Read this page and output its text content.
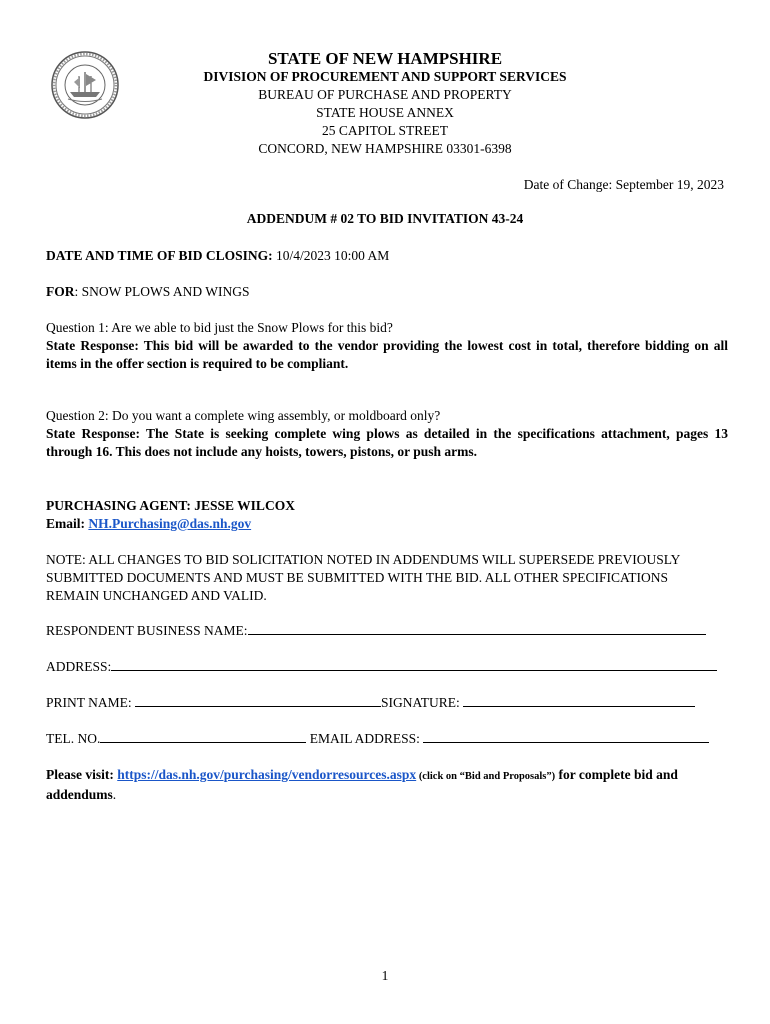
STATE OF NEW HAMPSHIRE
DIVISION OF PROCUREMENT AND SUPPORT SERVICES
BUREAU OF PURCHASE AND PROPERTY
STATE HOUSE ANNEX
25 CAPITOL STREET
CONCORD, NEW HAMPSHIRE 03301-6398
Date of Change: September 19, 2023
ADDENDUM # 02 TO BID INVITATION 43-24
DATE AND TIME OF BID CLOSING: 10/4/2023 10:00 AM
FOR: SNOW PLOWS AND WINGS
Question 1: Are we able to bid just the Snow Plows for this bid?
State Response: This bid will be awarded to the vendor providing the lowest cost in total, therefore bidding on all items in the offer section is required to be compliant.
Question 2: Do you want a complete wing assembly, or moldboard only?
State Response: The State is seeking complete wing plows as detailed in the specifications attachment, pages 13 through 16. This does not include any hoists, towers, pistons, or push arms.
PURCHASING AGENT: JESSE WILCOX
Email: NH.Purchasing@das.nh.gov
NOTE: ALL CHANGES TO BID SOLICITATION NOTED IN ADDENDUMS WILL SUPERSEDE PREVIOUSLY SUBMITTED DOCUMENTS AND MUST BE SUBMITTED WITH THE BID. ALL OTHER SPECIFICATIONS REMAIN UNCHANGED AND VALID.
RESPONDENT BUSINESS NAME:
ADDRESS:
PRINT NAME:	SIGNATURE:
TEL. NO.	EMAIL ADDRESS:
Please visit: https://das.nh.gov/purchasing/vendorresources.aspx (click on “Bid and Proposals”) for complete bid and addendums.
1
